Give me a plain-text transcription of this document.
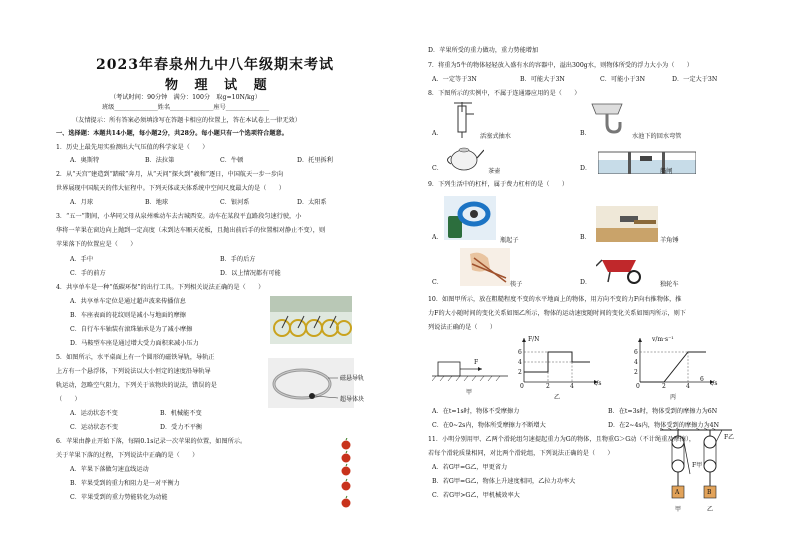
2023年春泉州九中八年级期末考试
物 理 试 题
（考试时间：90分钟　满分：100分　取g=10N/kg）
班级______________姓名______________座号______________
（友情提示：所有答案必须填涂写在答题卡相应的位置上，答在本试卷上一律无效）
一、选择题：本题共14小题，每小题2分，共28分。每小题只有一个选项符合题意。
1．历史上最先用实验测出大气压值的科学家是（　　）
A．奥斯特	B．法拉第	C．牛顿	D．托里拆利
2．从“天宫”建造到“踏破”奔月，从“天问”探火到“羲和”逐日，中国航天一步一步向
世界展现中国航天的伟大征程中。下列天体或天体系统中空间尺度最大的是（　　）
A．月球	B．地球	C．银河系	D．太阳系
3．“五一”期间，小华同父母从泉州乘动车去古城西安。动车在某段平直路段匀速行驶，小
华将一苹果在窗边向上抛到一定高度（未到达车厢天花板，且抛出前后手的位置相对静止不变），则
苹果落下的位置应是（　　）
A．手中	B．手的后方
C．手的前方	D．以上情况都有可能
4．共享单车是一种“低碳环保”的出行工具。下列相关说法正确的是（　　）
A．共享单车定位是通过超声波来传播信息
B．车座表面的花纹则是减小与地面的摩擦
C．自行车车轴装有滚珠轴承是为了减小摩擦
D．马鞍型车座是通过增大受力面积来减小压力
5．如图所示，水平桌面上有一个圆形的磁铁导轨，导轨正
上方有一个悬浮体，下列说法以大小恒定的速度沿导轨导
轨运动，忽略空气阻力，下列关于该物块的说法，错误的是
（　　）
磁悬导轨
超导体块
A．运动状态不变	B．机械能不变
C．运动状态不变	D．受力不平衡
6．苹果由静止开始下落，每隔0.1s记录一次苹果的位置，如图所示。
关于苹果下落的过程，下列说法中正确的是（　　）
A．苹果下落做匀速直线运动
B．苹果受到的重力和阻力是一对平衡力
C．苹果受到的重力势能转化为动能
D．苹果所受的重力做功，重力势能增加
7．将重为5牛的物体轻轻放入盛有水的容器中，溢出300g水，则物体所受的浮力大小为（　　）
A．一定等于3N	B．可能大于3N	C．可能小于3N	D．一定大于3N
8．下图所示的实例中，不属于连通器应用的是（　　）
A．	活塞式抽水	B．	水池下的回水弯管
C．	茶壶	D．	船闸
9．下列生活中的杠杆，属于费力杠杆的是（　　）
A．	瓶起子	B．	羊角锤
C．	筷子	D．	独轮车
10．如图甲所示，放在粗糙程度不变的水平地面上的物体，用方向不变的力F向右推物体，推
力F的大小随时间的变化关系如图乙所示，物体的运动速度随时间的变化关系如图丙所示，则下
列说法正确的是（　　）
F
甲
F/N
6
4
2
0	2	4	t/s
乙
v/m·s⁻¹
6
4
2
0	2	4
6
t/s
丙
A．在t=1s时，物体不受摩擦力	B．在t=3s时，物体受到的摩擦力为6N
C．在0~2s内，物体所受摩擦力不断增大	D．在2~4s内，物体受到的摩擦力为4N
11．小明分别用甲、乙两个滑轮组匀速提起重力为G的物体，且物重G＞G动（不计绳重及摩擦），
若每个滑轮质量相同，对比两个滑轮组，下列说法正确的是（　　）
A．若G甲=G乙，甲更省力
B．若G甲=G乙，物体上升速度相同，乙拉力功率大
C．若G甲>G乙，甲机械效率大
F甲
F乙
A	B
甲	乙
